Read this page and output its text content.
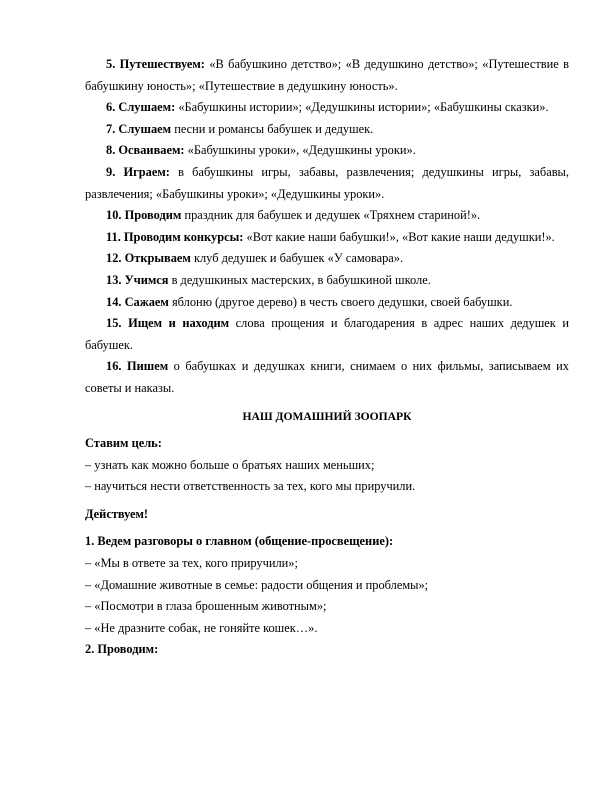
5. Путешествуем: «В бабушкино детство»; «В дедушкино детство»; «Путешествие в бабушкину юность»; «Путешествие в дедушкину юность».

6. Слушаем: «Бабушкины истории»; «Дедушкины истории»; «Бабушкины сказки».

7. Слушаем песни и романсы бабушек и дедушек.

8. Осваиваем: «Бабушкины уроки», «Дедушкины уроки».

9. Играем: в бабушкины игры, забавы, развлечения; дедушкины игры, забавы, развлечения; «Бабушкины уроки»; «Дедушкины уроки».

10. Проводим праздник для бабушек и дедушек «Тряхнем стариной!».

11. Проводим конкурсы: «Вот какие наши бабушки!», «Вот какие наши дедушки!».

12. Открываем клуб дедушек и бабушек «У самовара».

13. Учимся в дедушкиных мастерских, в бабушкиной школе.

14. Сажаем яблоню (другое дерево) в честь своего дедушки, своей бабушки.

15. Ищем и находим слова прощения и благодарения в адрес наших дедушек и бабушек.

16. Пишем о бабушках и дедушках книги, снимаем о них фильмы, записываем их советы и наказы.

НАШ ДОМАШНИЙ ЗООПАРК

Ставим цель:

– узнать как можно больше о братьях наших меньших;

– научиться нести ответственность за тех, кого мы приручили.

Действуем!

1. Ведем разговоры о главном (общение-просвещение):

– «Мы в ответе за тех, кого приручили»;

– «Домашние животные в семье: радости общения и проблемы»;

– «Посмотри в глаза брошенным животным»;

– «Не дразните собак, не гоняйте кошек…».

2. Проводим:
